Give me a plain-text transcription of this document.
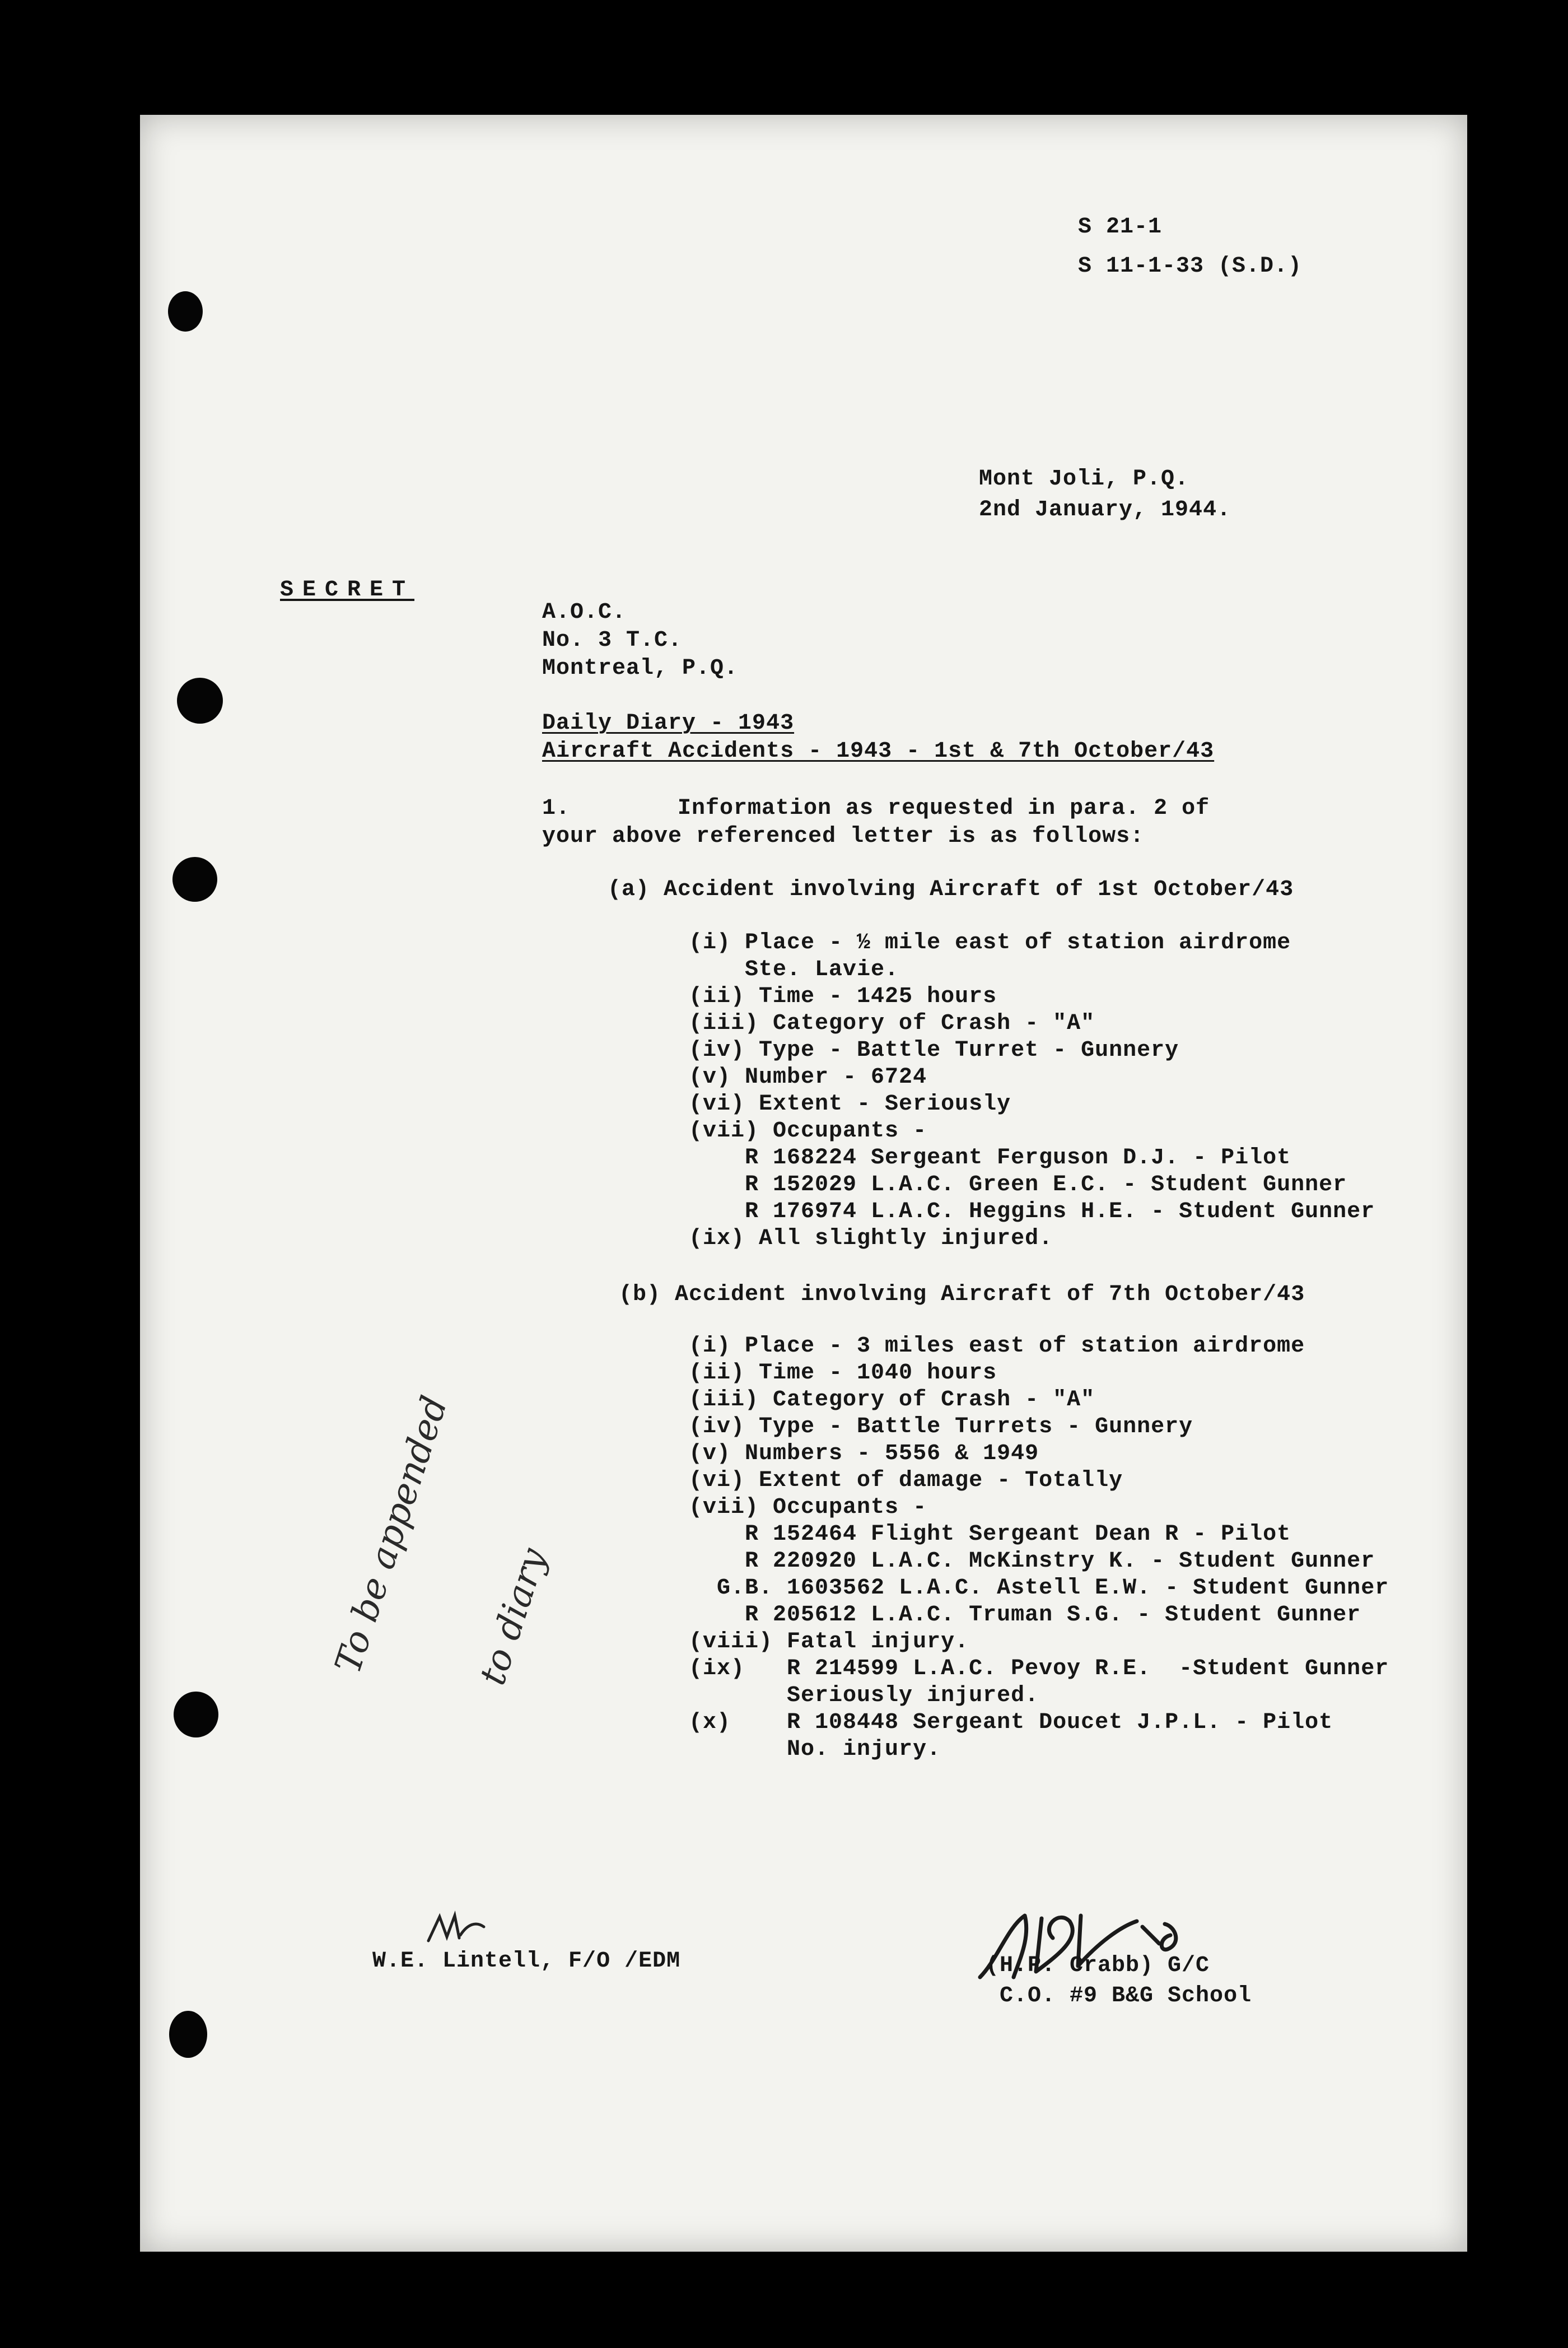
S 21-1

S 11-1-33 (S.D.)

Mont Joli, P.Q.

2nd January, 1944.

SECRET

A.O.C.

No. 3 T.C.

Montreal, P.Q.

Daily Diary - 1943

Aircraft Accidents - 1943 - 1st & 7th October/43

1.	Information as requested in para. 2 of

your above referenced letter is as follows:

(a) Accident involving Aircraft of 1st October/43

(i) Place - ½ mile east of station airdrome

Ste. Lavie.

(ii) Time - 1425 hours

(iii) Category of Crash - "A"

(iv) Type - Battle Turret - Gunnery

(v) Number - 6724

(vi) Extent - Seriously

(vii) Occupants -

R 168224 Sergeant Ferguson D.J. - Pilot

R 152029 L.A.C. Green E.C. - Student Gunner

R 176974 L.A.C. Heggins H.E. - Student Gunner

(ix) All slightly injured.

(b) Accident involving Aircraft of 7th October/43

(i) Place - 3 miles east of station airdrome

(ii) Time - 1040 hours

(iii) Category of Crash - "A"

(iv) Type - Battle Turrets - Gunnery

(v) Numbers - 5556 & 1949

(vi) Extent of damage - Totally

(vii) Occupants -

R 152464 Flight Sergeant Dean R - Pilot

R 220920 L.A.C. McKinstry K. - Student Gunner

G.B. 1603562 L.A.C. Astell E.W. - Student Gunner

R 205612 L.A.C. Truman S.G. - Student Gunner

(viii) Fatal injury.

(ix)   R 214599 L.A.C. Pevoy R.E.  -Student Gunner

Seriously injured.

(x)    R 108448 Sergeant Doucet J.P.L. - Pilot

No. injury.

To be appended

to diary

W.E. Lintell, F/O /EDM	(H.P. Crabb) G/C

C.O. #9 B&G School
